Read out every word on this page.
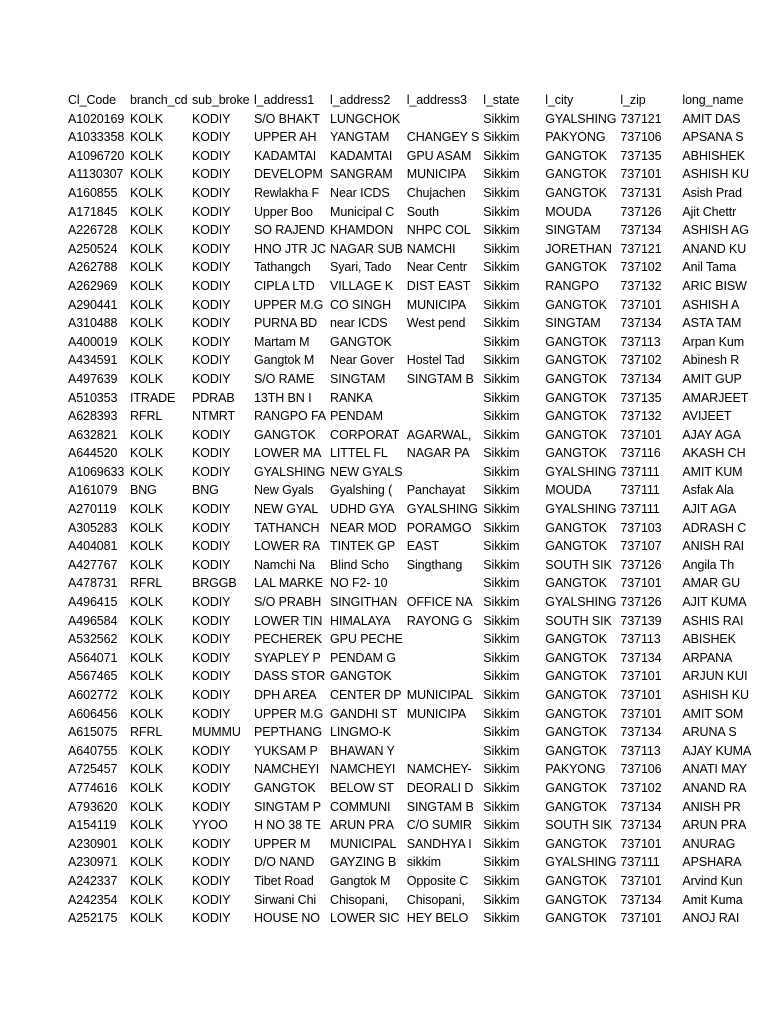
Cl_Code	branch_cd	sub_broke	l_address1	l_address2	l_address3	l_state	l_city	l_zip	long_name
A1020169	KOLK	KODIY	S/O BHAKT	LUNGCHOK		Sikkim	GYALSHING	737121	AMIT DAS
A1033358	KOLK	KODIY	UPPER AH	YANGTAM	CHANGEY S	Sikkim	PAKYONG	737106	APSANA S
A1096720	KOLK	KODIY	KADAMTAI	KADAMTAI	GPU ASAM	Sikkim	GANGTOK	737135	ABHISHEK
A1130307	KOLK	KODIY	DEVELOPM	SANGRAM	MUNICIPA	Sikkim	GANGTOK	737101	ASHISH KU
A160855	KOLK	KODIY	Rewlakha F	Near ICDS	Chujachen	Sikkim	GANGTOK	737131	Asish Prad
A171845	KOLK	KODIY	Upper Boo	Municipal C	South	Sikkim	MOUDA	737126	Ajit Chettr
A226728	KOLK	KODIY	SO RAJEND	KHAMDON	NHPC COL	Sikkim	SINGTAM	737134	ASHISH AG
A250524	KOLK	KODIY	HNO JTR JC	NAGAR SUB	NAMCHI	Sikkim	JORETHAN	737121	ANAND KU
A262788	KOLK	KODIY	Tathangch	Syari, Tado	Near Centr	Sikkim	GANGTOK	737102	Anil Tama
A262969	KOLK	KODIY	CIPLA LTD	VILLAGE K	DIST EAST	Sikkim	RANGPO	737132	ARIC BISW
A290441	KOLK	KODIY	UPPER M.G	CO SINGH	MUNICIPA	Sikkim	GANGTOK	737101	ASHISH A
A310488	KOLK	KODIY	PURNA BD	near ICDS	West pend	Sikkim	SINGTAM	737134	ASTA TAM
A400019	KOLK	KODIY	Martam M	GANGTOK		Sikkim	GANGTOK	737113	Arpan Kum
A434591	KOLK	KODIY	Gangtok M	Near Gover	Hostel Tad	Sikkim	GANGTOK	737102	Abinesh R
A497639	KOLK	KODIY	S/O RAME	SINGTAM	SINGTAM B	Sikkim	GANGTOK	737134	AMIT GUP
A510353	ITRADE	PDRAB	13TH BN I	RANKA		Sikkim	GANGTOK	737135	AMARJEET
A628393	RFRL	NTMRT	RANGPO FA	PENDAM		Sikkim	GANGTOK	737132	AVIJEET
A632821	KOLK	KODIY	GANGTOK	CORPORAT	AGARWAL,	Sikkim	GANGTOK	737101	AJAY AGA
A644520	KOLK	KODIY	LOWER MA	LITTEL FL	NAGAR PA	Sikkim	GANGTOK	737116	AKASH CH
A1069633	KOLK	KODIY	GYALSHING	NEW GYALS		Sikkim	GYALSHING	737111	AMIT KUM
A161079	BNG	BNG	New Gyals	Gyalshing (	Panchayat	Sikkim	MOUDA	737111	Asfak Ala
A270119	KOLK	KODIY	NEW GYAL	UDHD GYA	GYALSHING	Sikkim	GYALSHING	737111	AJIT AGA
A305283	KOLK	KODIY	TATHANCH	NEAR MOD	PORAMGO	Sikkim	GANGTOK	737103	ADRASH C
A404081	KOLK	KODIY	LOWER RA	TINTEK GP	EAST	Sikkim	GANGTOK	737107	ANISH RAI
A427767	KOLK	KODIY	Namchi Na	Blind Scho	Singthang	Sikkim	SOUTH SIK	737126	Angila Th
A478731	RFRL	BRGGB	LAL MARKE	NO F2- 10		Sikkim	GANGTOK	737101	AMAR GU
A496415	KOLK	KODIY	S/O PRABH	SINGITHAN	OFFICE NA	Sikkim	GYALSHING	737126	AJIT KUMA
A496584	KOLK	KODIY	LOWER TIN	HIMALAYA	RAYONG G	Sikkim	SOUTH SIK	737139	ASHIS RAI
A532562	KOLK	KODIY	PECHEREK	GPU PECHE		Sikkim	GANGTOK	737113	ABISHEK
A564071	KOLK	KODIY	SYAPLEY P	PENDAM G		Sikkim	GANGTOK	737134	ARPANA
A567465	KOLK	KODIY	DASS STOR	GANGTOK		Sikkim	GANGTOK	737101	ARJUN KUI
A602772	KOLK	KODIY	DPH AREA	CENTER DP	MUNICIPAL	Sikkim	GANGTOK	737101	ASHISH KU
A606456	KOLK	KODIY	UPPER M.G	GANDHI ST	MUNICIPA	Sikkim	GANGTOK	737101	AMIT SOM
A615075	RFRL	MUMMU	PEPTHANG	LINGMO-K		Sikkim	GANGTOK	737134	ARUNA S
A640755	KOLK	KODIY	YUKSAM P	BHAWAN Y		Sikkim	GANGTOK	737113	AJAY KUMA
A725457	KOLK	KODIY	NAMCHEYI	NAMCHEYI	NAMCHEY-	Sikkim	PAKYONG	737106	ANATI MAY
A774616	KOLK	KODIY	GANGTOK	BELOW ST	DEORALI D	Sikkim	GANGTOK	737102	ANAND RA
A793620	KOLK	KODIY	SINGTAM P	COMMUNI	SINGTAM B	Sikkim	GANGTOK	737134	ANISH PR
A154119	KOLK	YYOO	H NO 38 TE	ARUN PRA	C/O SUMIR	Sikkim	SOUTH SIK	737134	ARUN PRA
A230901	KOLK	KODIY	UPPER M	MUNICIPAL	SANDHYA I	Sikkim	GANGTOK	737101	ANURAG
A230971	KOLK	KODIY	D/O NAND	GAYZING B	sikkim	Sikkim	GYALSHING	737111	APSHARA
A242337	KOLK	KODIY	Tibet Road	Gangtok M	Opposite C	Sikkim	GANGTOK	737101	Arvind Kun
A242354	KOLK	KODIY	Sirwani Chi	Chisopani,	Chisopani,	Sikkim	GANGTOK	737134	Amit Kuma
A252175	KOLK	KODIY	HOUSE NO	LOWER SIC	HEY BELO	Sikkim	GANGTOK	737101	ANOJ RAI
